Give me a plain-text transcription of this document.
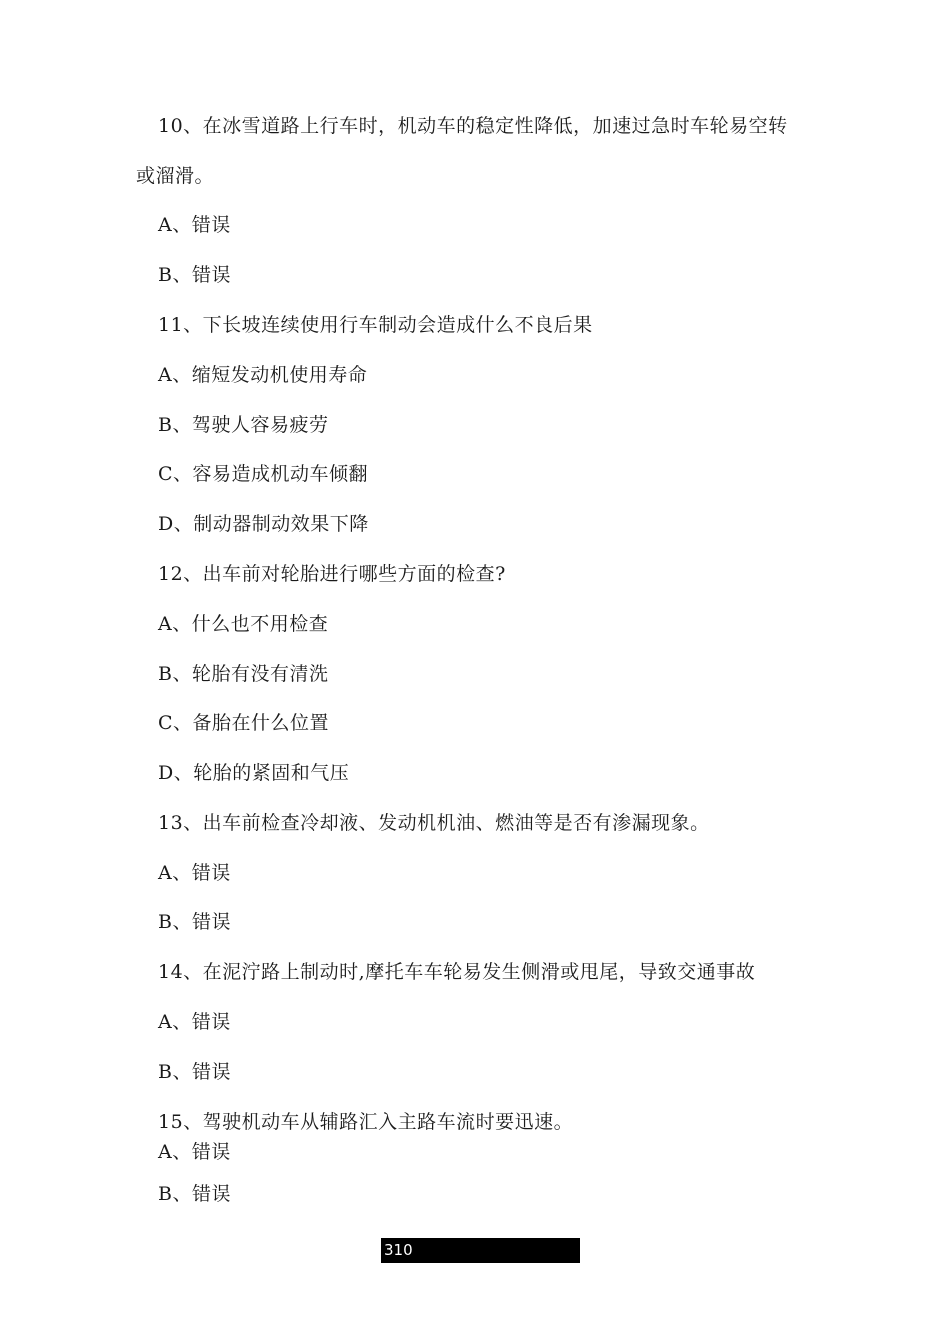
10、在冰雪道路上行车时，机动车的稳定性降低，加速过急时车轮易空转

或溜滑。

A、错误

B、错误

11、下长坡连续使用行车制动会造成什么不良后果

A、缩短发动机使用寿命

B、驾驶人容易疲劳

C、容易造成机动车倾翻

D、制动器制动效果下降

12、出车前对轮胎进行哪些方面的检查?

A、什么也不用检查

B、轮胎有没有清洗

C、备胎在什么位置

D、轮胎的紧固和气压

13、出车前检查冷却液、发动机机油、燃油等是否有渗漏现象。

A、错误

B、错误

14、在泥泞路上制动时,摩托车车轮易发生侧滑或甩尾，导致交通事故

A、错误

B、错误

15、驾驶机动车从辅路汇入主路车流时要迅速。

A、错误

B、错误

310
